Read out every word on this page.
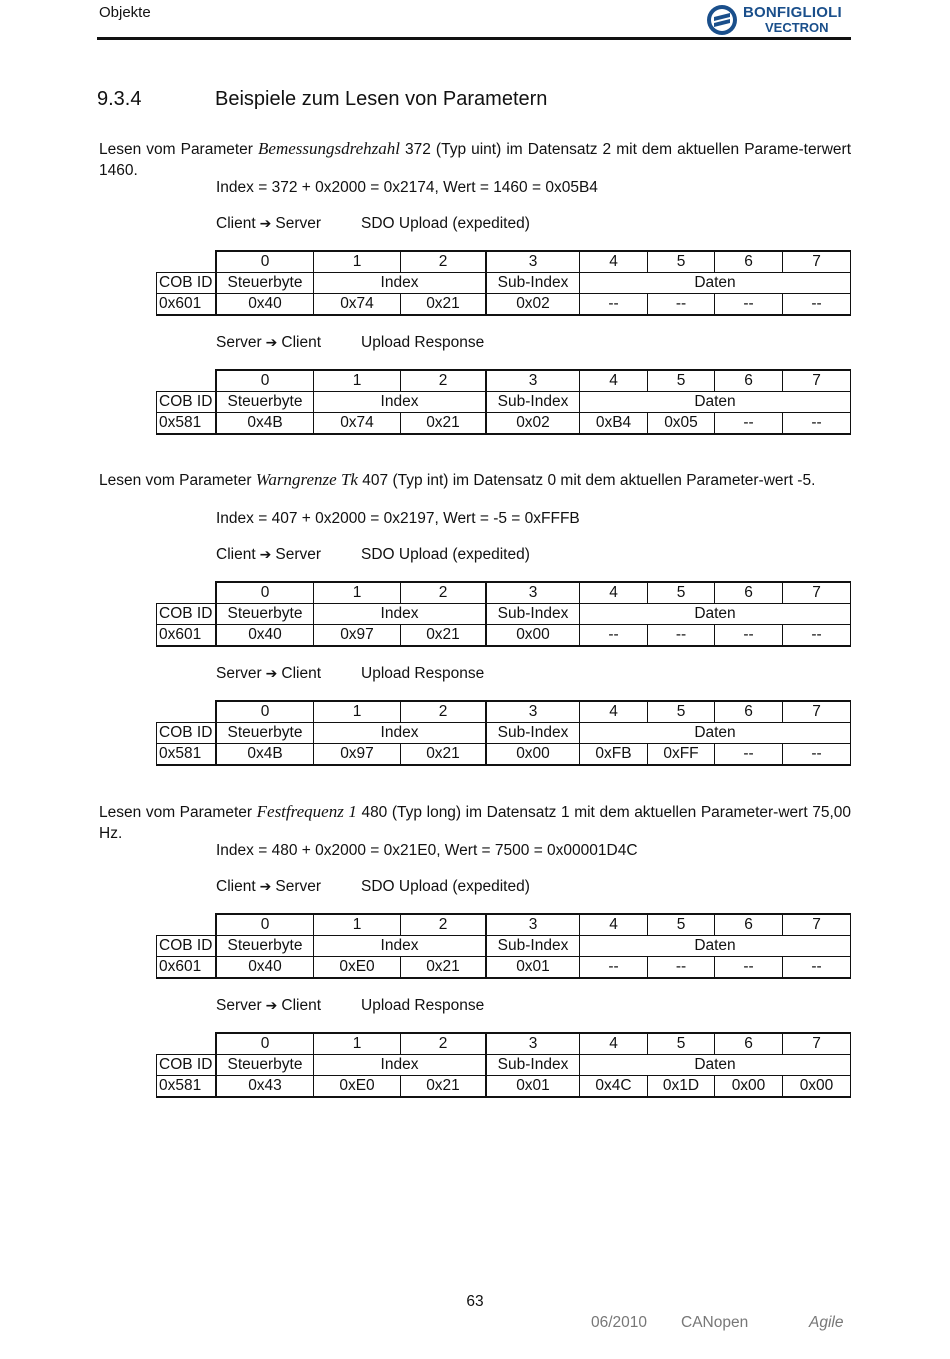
Objekte	BONFIGLIOLI
VECTRON
9.3.4	Beispiele zum Lesen von Parametern
Lesen vom Parameter Bemessungsdrehzahl 372 (Typ uint) im Datensatz 2 mit dem aktuellen Parame-terwert 1460.
Index = 372 + 0x2000 = 0x2174, Wert = 1460 = 0x05B4
Client ➔ Server	SDO Upload (expedited)
	0	1	2	3	4	5	6	7
COB ID	Steuerbyte	Index		Sub-Index	Daten			
0x601	0x40	0x74	0x21	0x02	--	--	--	--
Server ➔ Client	Upload Response
	0	1	2	3	4	5	6	7
COB ID	Steuerbyte	Index		Sub-Index	Daten			
0x581	0x4B	0x74	0x21	0x02	0xB4	0x05	--	--
Lesen vom Parameter Warngrenze Tk 407 (Typ int) im Datensatz 0 mit dem aktuellen Parameter-wert -5.
Index = 407 + 0x2000 = 0x2197, Wert = -5 = 0xFFFB
Client ➔ Server	SDO Upload (expedited)
	0	1	2	3	4	5	6	7
COB ID	Steuerbyte	Index		Sub-Index	Daten			
0x601	0x40	0x97	0x21	0x00	--	--	--	--
Server ➔ Client	Upload Response
	0	1	2	3	4	5	6	7
COB ID	Steuerbyte	Index		Sub-Index	Daten			
0x581	0x4B	0x97	0x21	0x00	0xFB	0xFF	--	--
Lesen vom Parameter Festfrequenz 1 480 (Typ long) im Datensatz 1 mit dem aktuellen Parameter-wert 75,00 Hz.
Index = 480 + 0x2000 = 0x21E0, Wert = 7500 = 0x00001D4C
Client ➔ Server	SDO Upload (expedited)
	0	1	2	3	4	5	6	7
COB ID	Steuerbyte	Index		Sub-Index	Daten			
0x601	0x40	0xE0	0x21	0x01	--	--	--	--
Server ➔ Client	Upload Response
	0	1	2	3	4	5	6	7
COB ID	Steuerbyte	Index		Sub-Index	Daten			
0x581	0x43	0xE0	0x21	0x01	0x4C	0x1D	0x00	0x00
63
06/2010 CANopen	Agile
